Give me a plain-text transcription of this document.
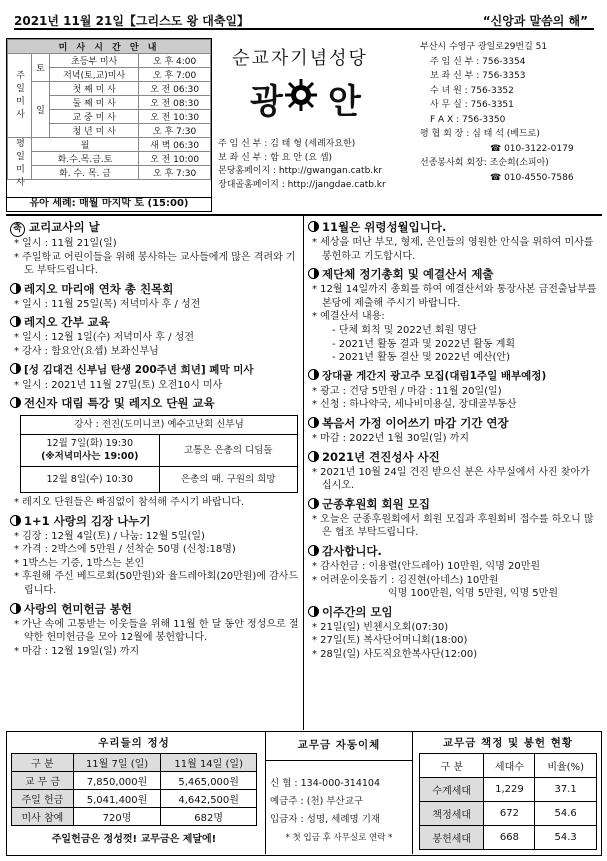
2021년 11월 21일【그리스도 왕 대축일】	“신앙과 말씀의 해”
미 사 시 간 안 내			
주일미사	토	초등부 미사	오 후 4:00
		저녁(토,교)미사	오 후 7:00
	일	첫 째 미 사	오 전 06:30
		둘 째 미 사	오 전 08:30
		교 중 미 사	오 전 10:30
		청 년 미 사	오 후 7:30
평일미사	월		새 벽 06:30
	화.수.목.금.토		오 전 10:00
	화. 수. 목. 금		오 후 7:30
유아 세례: 매월 마지막 토 (15:00)
순교자기념성당
광 안
주 임 신 부 : 김 태 형 (세례자요한)
보 좌 신 부 : 함 요 안 (요 셉)
본당홈페이지 : http://gwangan.catb.kr
장대골홈페이지 : http://jangdae.catb.kr
부산시 수영구 광일로29번길 51
주 임 신 부 : 756-3354
보 좌 신 부 : 756-3353
수 녀 원 : 756-3352
사 무 실 : 756-3351
F A X : 756-3350
평 협 회 장 : 심 태 석 (베드로)
☎ 010-3122-0179
선종봉사회 회장: 조순희(소피아)
☎ 010-4550-7586
축 교리교사의 날
* 일시 : 11월 21일(일)
* 주일학교 어린이들을 위해 봉사하는 교사들에게 많은 격려와 기도 부탁드립니다.
레지오 마리애 연차 총 친목회
* 일시 : 11월 25일(목) 저녁미사 후 / 성전
레지오 간부 교육
* 일시 : 12월 1일(수) 저녁미사 후 / 성전
* 강사 : 함요안(요셉) 보좌신부님
[성 김대건 신부님 탄생 200주년 희년] 폐막 미사
* 일시 : 2021년 11월 27일(토) 오전10시 미사
전신자 대림 특강 및 레지오 단원 교육
강사 : 전진(도미니코) 예수고난회 신부님	

12월 7일(화) 19:30
(※저녁미사는 19:00)	고통은 은총의 디딤돌
12월 8일(수) 10:30	은총의 때. 구원의 희망
* 레지오 단원들은 빠짐없이 참석해 주시기 바랍니다.
1+1 사랑의 김장 나누기
* 김장 : 12월 4일(토) / 나눔: 12월 5일(일)
* 가격 : 2박스에 5만원 / 선착순 50명 (신청:18명)
* 1박스는 기증, 1박스는 본인
* 후원해 주신 베드로회(50만원)와 율드레아회(20만원)에 감사드립니다.
사랑의 헌미헌금 봉헌
* 가난 속에 고통받는 이웃들을 위해 11월 한 달 동안 정성으로 절약한 헌미헌금을 모아 12월에 봉헌합니다.
* 마감 : 12월 19일(일) 까지
11월은 위령성월입니다.
* 세상을 떠난 부모, 형제, 은인들의 영원한 안식을 위하여 미사를 봉헌하고 기도합시다.
제단체 정기총회 및 예결산서 제출
* 12월 14일까지 총회를 하여 예결산서와 통장사본 금전출납부를 본당에 제출해 주시기 바랍니다.
* 예결산서 내용:
- 단체 회칙 및 2022년 회원 명단
- 2021년 활동 결과 및 2022년 활동 계획
- 2021년 활동 결산 및 2022년 예산(안)
장대골 게간지 광고주 모집(대림1주일 배부예정)
* 광고 : 건당 5만원 / 마감 : 11월 20일(일)
* 신청 : 하나약국, 세나비미용실, 장대골부동산
복음서 가정 이어쓰기 마감 기간 연장
* 마감 : 2022년 1월 30일(일) 까지
2021년 견진성사 사진
* 2021년 10월 24일 견진 받으신 분은 사무실에서 사진 찾아가십시오.
군종후원회 회원 모집
* 오늘은 군종후원회에서 회원 모집과 후원회비 접수를 하오니 많은 협조 부탁드립니다.
감사합니다.
* 감사헌금 : 이용렬(안드레아) 10만원, 익명 20만원
* 어려운이웃돕기 : 김진현(아네스) 10만원
익명 100만원, 익명 5만원, 익명 5만원
이주간의 모임
* 21일(일) 빈첸시오회(07:30)
* 27일(토) 복사단어머니회(18:00)
* 28일(일) 사도직요한복사단(12:00)
우리들의 정성
구 분	11월 7일 (일)	11월 14일 (일)
교 무 금	7,850,000원	5,465,000원
주일 헌금	5,041,400원	4,642,500원
미사 참예	720명	682명
주일헌금은 정성껏! 교무금은 제달에!
교무금 자동이체
신 협 : 134-000-314104
예금주 : (천) 부산교구
입금자 : 성명, 세례명 기재
* 첫 입금 후 사무실로 연락 *
교무금 책정 및 봉헌 현황
구 분	세대수	비율(%)
수계세대	1,229	37.1
책정세대	672	54.6
봉헌세대	668	54.3
